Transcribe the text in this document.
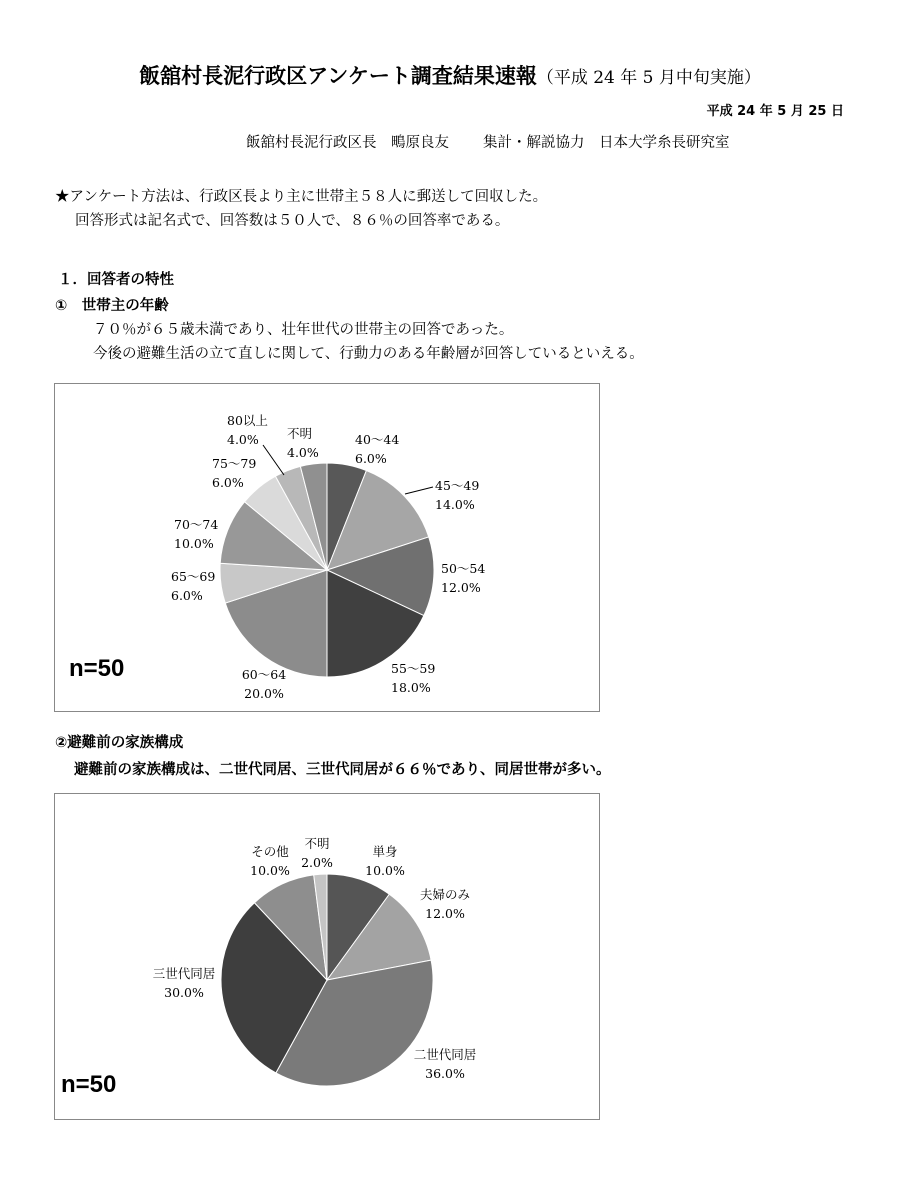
飯舘村長泥行政区アンケート調査結果速報（平成 24 年 5 月中旬実施）
平成 24 年 5 月 25 日
飯舘村長泥行政区長　鴫原良友 集計・解説協力　日本大学糸長研究室
★アンケート方法は、行政区長より主に世帯主５８人に郵送して回収した。
回答形式は記名式で、回答数は５０人で、８６％の回答率である。
１．回答者の特性
①　世帯主の年齢
７０％が６５歳未満であり、壮年世代の世帯主の回答であった。
今後の避難生活の立て直しに関して、行動力のある年齢層が回答しているといえる。
40～44 6.0%
45～49 14.0%
50～54 12.0%
55～59 18.0%
60～64 20.0%
65～69 6.0%
70～74 10.0%
75～79 6.0%
80以上 4.0%	不明 4.0%
n=50
②避難前の家族構成
避難前の家族構成は、二世代同居、三世代同居が６６％であり、同居世帯が多い。
単身 10.0%
夫婦のみ 12.0%
二世代同居 36.0%
三世代同居 30.0%
その他 10.0%
不明 2.0%
n=50
